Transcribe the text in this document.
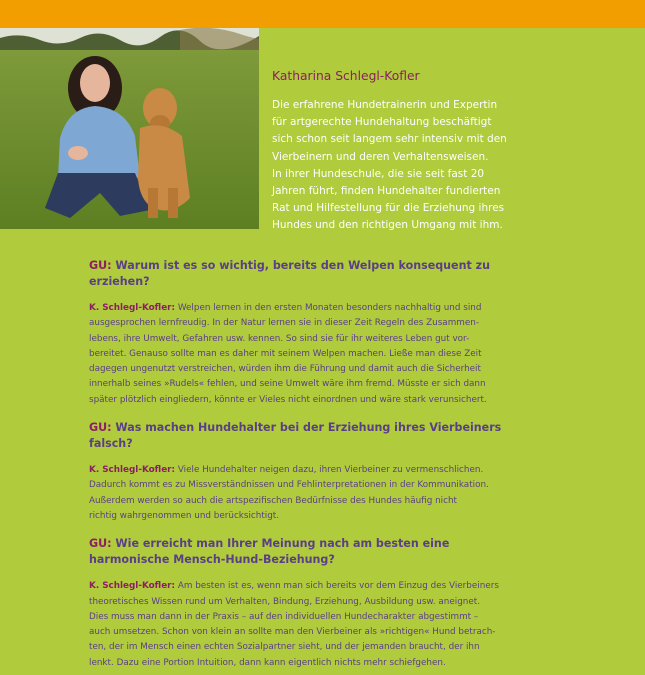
Katharina Schlegl-Kofler

Die erfahrene Hundetrainerin und Expertin
für artgerechte Hundehaltung beschäftigt
sich schon seit langem sehr intensiv mit den
Vierbeinern und deren Verhaltensweisen.
In ihrer Hundeschule, die sie seit fast 20
Jahren führt, finden Hundehalter fundierten
Rat und Hilfestellung für die Erziehung ihres
Hundes und den richtigen Umgang mit ihm.

GU: Warum ist es so wichtig, bereits den Welpen konsequent zu erziehen?

K. Schlegl-Kofler: Welpen lernen in den ersten Monaten besonders nachhaltig und sind
ausgesprochen lernfreudig. In der Natur lernen sie in dieser Zeit Regeln des Zusammen-
lebens, ihre Umwelt, Gefahren usw. kennen. So sind sie für ihr weiteres Leben gut vor-
bereitet. Genauso sollte man es daher mit seinem Welpen machen. Ließe man diese Zeit
dagegen ungenutzt verstreichen, würden ihm die Führung und damit auch die Sicherheit
innerhalb seines »Rudels« fehlen, und seine Umwelt wäre ihm fremd. Müsste er sich dann
später plötzlich eingliedern, könnte er Vieles nicht einordnen und wäre stark verunsichert.

GU: Was machen Hundehalter bei der Erziehung ihres Vierbeiners falsch?

K. Schlegl-Kofler: Viele Hundehalter neigen dazu, ihren Vierbeiner zu vermenschlichen.
Dadurch kommt es zu Missverständnissen und Fehlinterpretationen in der Kommunikation.
Außerdem werden so auch die artspezifischen Bedürfnisse des Hundes häufig nicht
richtig wahrgenommen und berücksichtigt.

GU: Wie erreicht man Ihrer Meinung nach am besten eine
harmonische Mensch-Hund-Beziehung?

K. Schlegl-Kofler: Am besten ist es, wenn man sich bereits vor dem Einzug des Vierbeiners
theoretisches Wissen rund um Verhalten, Bindung, Erziehung, Ausbildung usw. aneignet.
Dies muss man dann in der Praxis – auf den individuellen Hundecharakter abgestimmt –
auch umsetzen. Schon von klein an sollte man den Vierbeiner als »richtigen« Hund betrach-
ten, der im Mensch einen echten Sozialpartner sieht, und der jemanden braucht, der ihn
lenkt. Dazu eine Portion Intuition, dann kann eigentlich nichts mehr schiefgehen.
